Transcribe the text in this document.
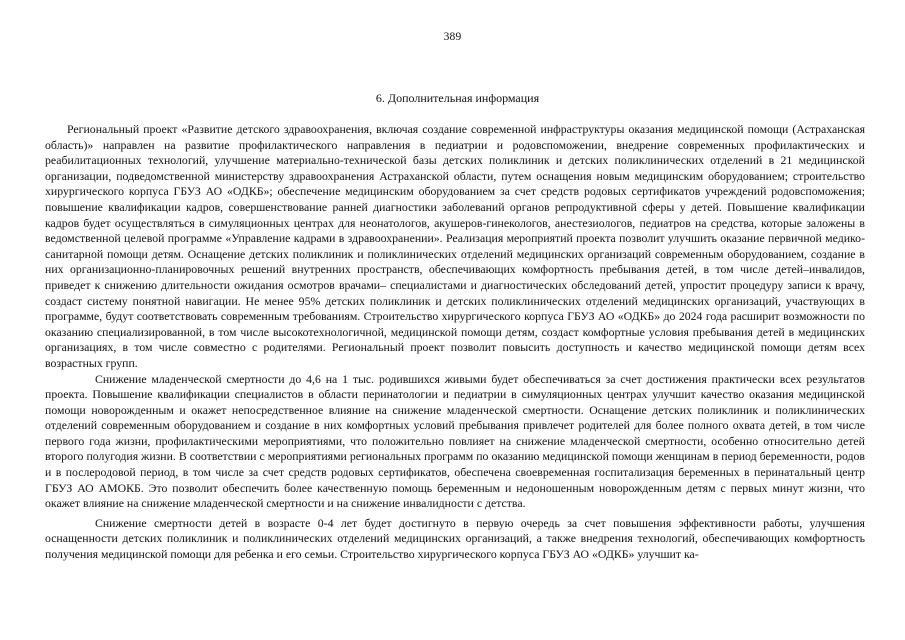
389
6. Дополнительная информация

Региональный проект «Развитие детского здравоохранения, включая создание современной инфраструктуры оказания медицинской помощи (Астраханская область)» направлен на развитие профилактического направления в педиатрии и родовспоможении, внедрение современных профилактических и реабилитационных технологий, улучшение материально-технической базы детских поликлиник и детских поликлинических отделений в 21 медицинской организации, подведомственной министерству здравоохранения Астраханской области, путем оснащения новым медицинским оборудованием; строительство хирургического корпуса ГБУЗ АО «ОДКБ»; обеспечение медицинским оборудованием за счет средств родовых сертификатов учреждений родовспоможения; повышение квалификации кадров, совершенствование ранней диагностики заболеваний органов репродуктивной сферы у детей. Повышение квалификации кадров будет осуществляться в симуляционных центрах для неонатологов, акушеров-гинекологов, анестезиологов, педиатров на средства, которые заложены в ведомственной целевой программе «Управление кадрами в здравоохранении». Реализация мероприятий проекта позволит улучшить оказание первичной медико-санитарной помощи детям. Оснащение детских поликлиник и поликлинических отделений медицинских организаций современным оборудованием, создание в них организационно-планировочных решений внутренних пространств, обеспечивающих комфортность пребывания детей, в том числе детей–инвалидов, приведет к снижению длительности ожидания осмотров врачами– специалистами и диагностических обследований детей, упростит процедуру записи к врачу, создаст систему понятной навигации. Не менее 95% детских поликлиник и детских поликлинических отделений медицинских организаций, участвующих в программе, будут соответствовать современным требованиям. Строительство хирургического корпуса ГБУЗ АО «ОДКБ» до 2024 года расширит возможности по оказанию специализированной, в том числе высокотехнологичной, медицинской помощи детям, создаст комфортные условия пребывания детей в медицинских организациях, в том числе совместно с родителями. Региональный проект позволит повысить доступность и качество медицинской помощи детям всех возрастных групп.

Снижение младенческой смертности до 4,6 на 1 тыс. родившихся живыми будет обеспечиваться за счет достижения практически всех результатов проекта. Повышение квалификации специалистов в области перинатологии и педиатрии в симуляционных центрах улучшит качество оказания медицинской помощи новорожденным и окажет непосредственное влияние на снижение младенческой смертности. Оснащение детских поликлиник и поликлинических отделений современным оборудованием и создание в них комфортных условий пребывания привлечет родителей для более полного охвата детей, в том числе первого года жизни, профилактическими мероприятиями, что положительно повлияет на снижение младенческой смертности, особенно относительно детей второго полугодия жизни. В соответствии с мероприятиями региональных программ по оказанию медицинской помощи женщинам в период беременности, родов и в послеродовой период, в том числе за счет средств родовых сертификатов, обеспечена своевременная госпитализация беременных в перинатальный центр ГБУЗ АО АМОКБ. Это позволит обеспечить более качественную помощь беременным и недоношенным новорожденным детям с первых минут жизни, что окажет влияние на снижение младенческой смертности и на снижение инвалидности с детства.

Снижение смертности детей в возрасте 0-4 лет будет достигнуто в первую очередь за счет повышения эффективности работы, улучшения оснащенности детских поликлиник и поликлинических отделений медицинских организаций, а также внедрения технологий, обеспечивающих комфортность получения медицинской помощи для ребенка и его семьи. Строительство хирургического корпуса ГБУЗ АО «ОДКБ» улучшит ка-
